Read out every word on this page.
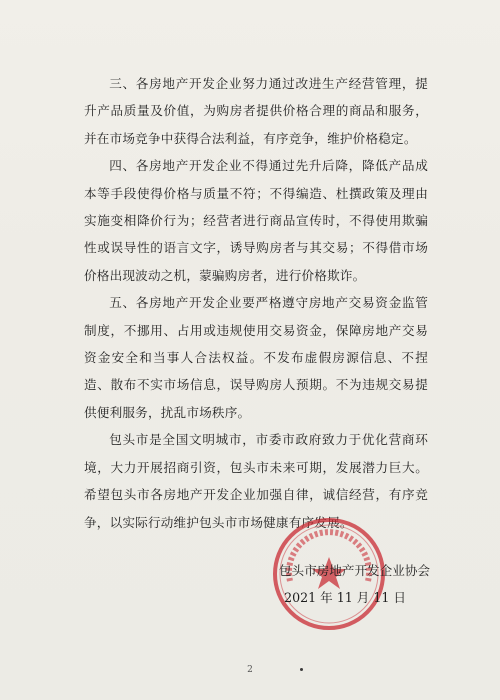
三、各房地产开发企业努力通过改进生产经营管理，提升产品质量及价值，为购房者提供价格合理的商品和服务，并在市场竞争中获得合法利益，有序竞争，维护价格稳定。

四、各房地产开发企业不得通过先升后降，降低产品成本等手段使得价格与质量不符；不得编造、杜撰政策及理由实施变相降价行为；经营者进行商品宣传时，不得使用欺骗性或误导性的语言文字，诱导购房者与其交易；不得借市场价格出现波动之机，蒙骗购房者，进行价格欺诈。

五、各房地产开发企业要严格遵守房地产交易资金监管制度，不挪用、占用或违规使用交易资金，保障房地产交易资金安全和当事人合法权益。不发布虚假房源信息、不捏造、散布不实市场信息，误导购房人预期。不为违规交易提供便利服务，扰乱市场秩序。

包头市是全国文明城市，市委市政府致力于优化营商环境，大力开展招商引资，包头市未来可期，发展潜力巨大。希望包头市各房地产开发企业加强自律，诚信经营，有序竞争，以实际行动维护包头市市场健康有序发展。

包头市房地产开发企业协会
2021 年 11 月 11 日
2
